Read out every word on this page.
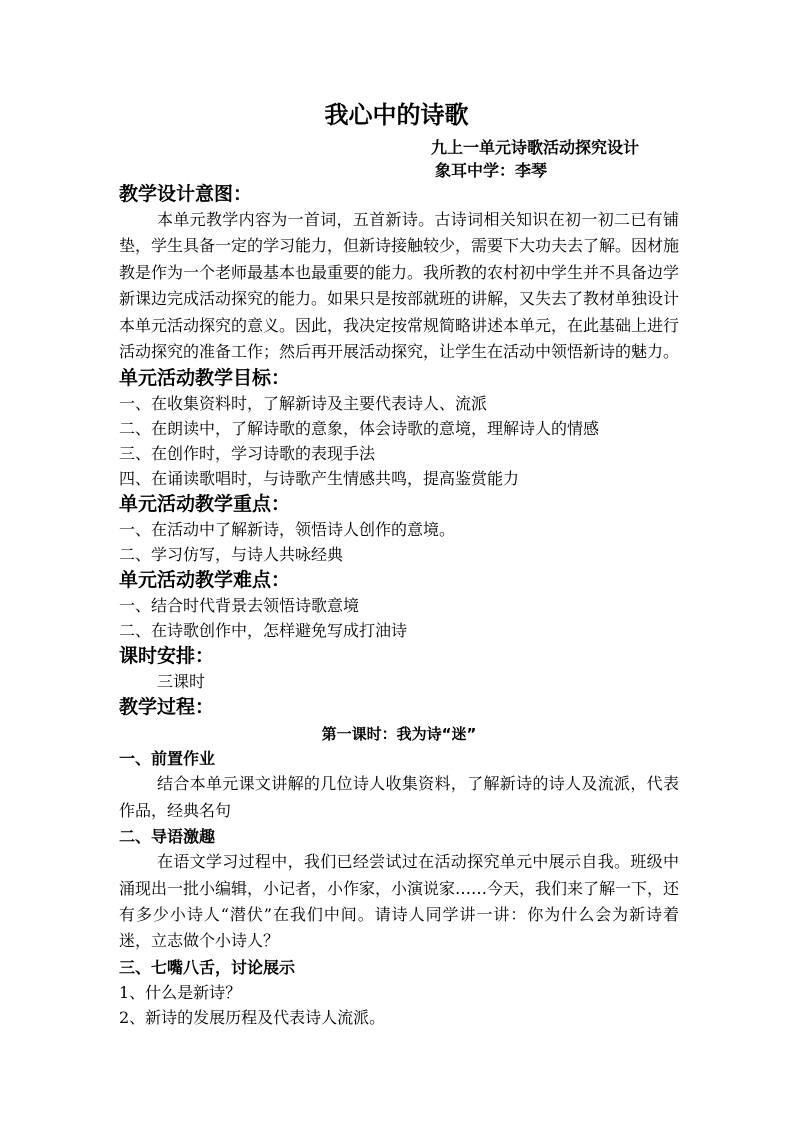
我心中的诗歌
九上一单元诗歌活动探究设计
象耳中学：李琴

教学设计意图：

本单元教学内容为一首词，五首新诗。古诗词相关知识在初一初二已有铺垫，学生具备一定的学习能力，但新诗接触较少，需要下大功夫去了解。因材施教是作为一个老师最基本也最重要的能力。我所教的农村初中学生并不具备边学新课边完成活动探究的能力。如果只是按部就班的讲解，又失去了教材单独设计本单元活动探究的意义。因此，我决定按常规简略讲述本单元，在此基础上进行活动探究的准备工作；然后再开展活动探究，让学生在活动中领悟新诗的魅力。

单元活动教学目标：

一、在收集资料时，了解新诗及主要代表诗人、流派

二、在朗读中，了解诗歌的意象，体会诗歌的意境，理解诗人的情感

三、在创作时，学习诗歌的表现手法

四、在诵读歌唱时，与诗歌产生情感共鸣，提高鉴赏能力

单元活动教学重点：

一、在活动中了解新诗，领悟诗人创作的意境。

二、学习仿写，与诗人共咏经典

单元活动教学难点：

一、结合时代背景去领悟诗歌意境

二、在诗歌创作中，怎样避免写成打油诗

课时安排：

三课时

教学过程：

第一课时：我为诗“迷”

一、前置作业

结合本单元课文讲解的几位诗人收集资料，了解新诗的诗人及流派，代表作品，经典名句

二、导语激趣

在语文学习过程中，我们已经尝试过在活动探究单元中展示自我。班级中涌现出一批小编辑，小记者，小作家，小演说家……今天，我们来了解一下，还有多少小诗人“潜伏”在我们中间。请诗人同学讲一讲：你为什么会为新诗着迷，立志做个小诗人？

三、七嘴八舌，讨论展示

1、什么是新诗？

2、新诗的发展历程及代表诗人流派。
